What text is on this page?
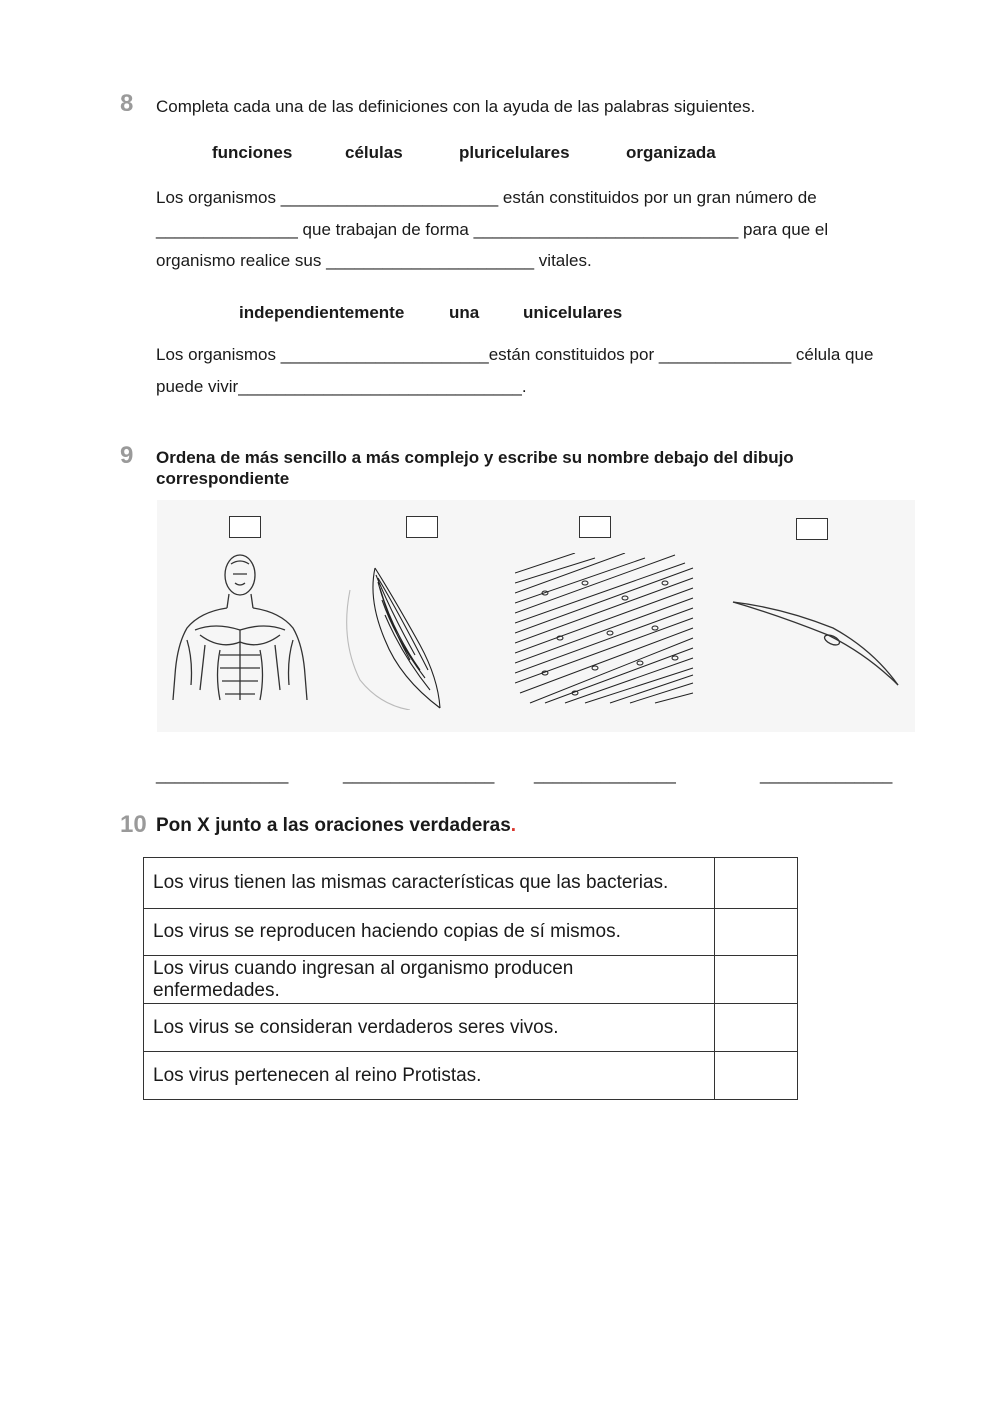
8 Completa cada una de las definiciones con la ayuda de las palabras siguientes.
funciones	células	pluricelulares	organizada
Los organismos _______________________ están constituidos por un gran número de
_______________ que trabajan de forma ____________________________ para que el
organismo realice sus ______________________ vitales.
independientemente	una	unicelulares
Los organismos ______________________están constituidos por ______________ célula que
puede vivir______________________________.
9 Ordena de más sencillo a más complejo y escribe su nombre debajo del dibujo
correspondiente
______________	________________ _______________	______________
10 Pon X junto a las oraciones verdaderas.
Los virus tienen las mismas características que las bacterias.	
Los virus se reproducen haciendo copias de sí mismos.	
Los virus cuando ingresan al organismo producen enfermedades.	
Los virus se consideran verdaderos seres vivos.	
Los virus pertenecen al reino Protistas.	
